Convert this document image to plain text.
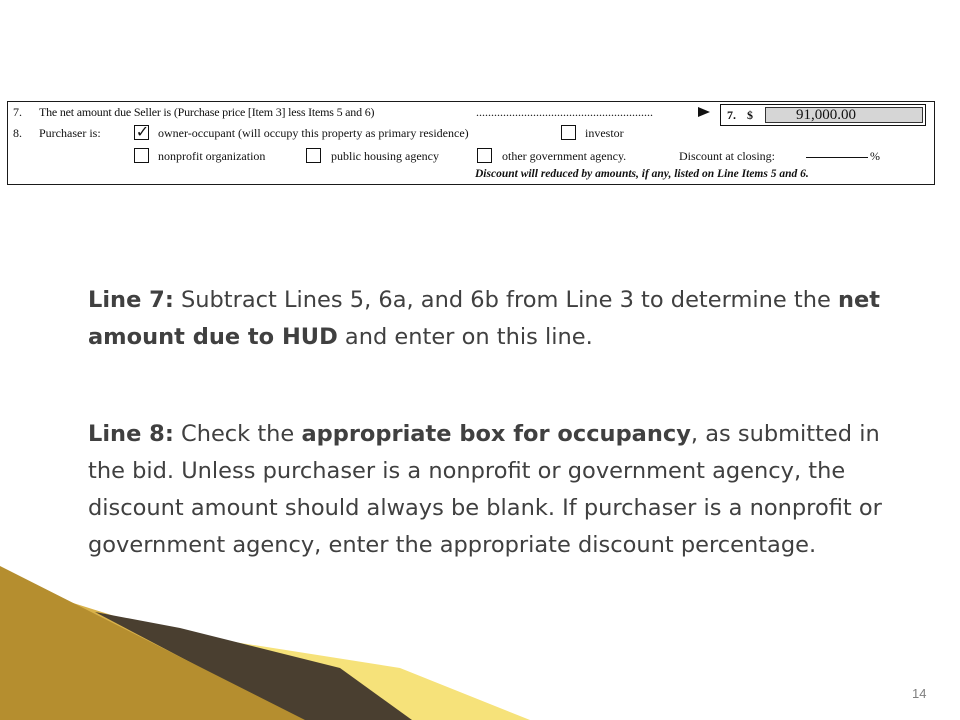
7. The net amount due Seller is (Purchase price [Item 3] less Items 5 and 6)	...........................................................	7. $	91,000.00
8. Purchaser is: ✓ owner-occupant (will occupy this property as primary residence)	investor
nonprofit organization	public housing agency	other government agency.	Discount at closing:	%
Discount will reduced by amounts, if any, listed on Line Items 5 and 6.
Line 7: Subtract Lines 5, 6a, and 6b from Line 3 to determine the net amount due to HUD and enter on this line.
Line 8: Check the appropriate box for occupancy, as submitted in the bid. Unless purchaser is a nonprofit or government agency, the discount amount should always be blank. If purchaser is a nonprofit or government agency, enter the appropriate discount percentage.
14
